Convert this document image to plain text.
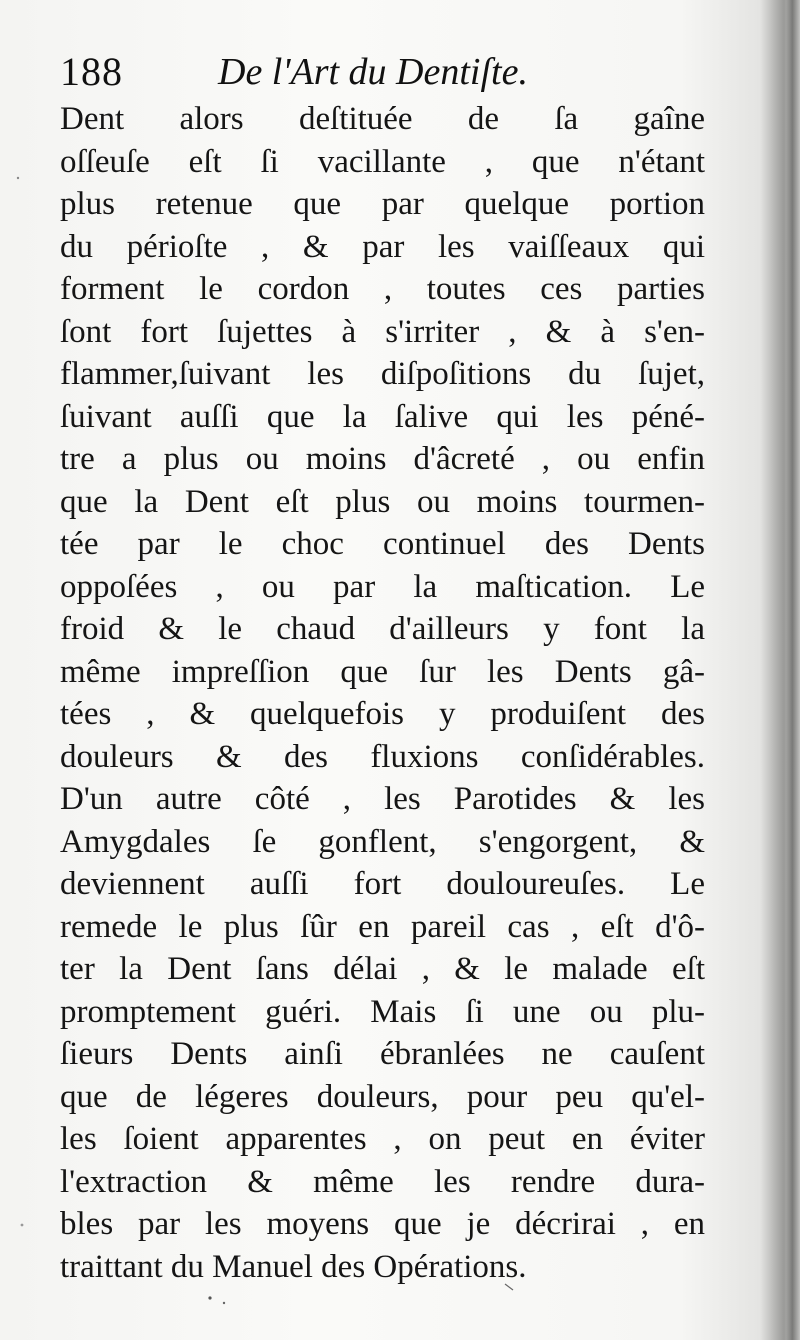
188	De l'Art du Dentiſte.
Dent alors deſtituée de ſa gaîne
oſſeuſe eſt ſi vacillante , que n'étant
plus retenue que par quelque portion
du périoſte , & par les vaiſſeaux qui
forment le cordon , toutes ces parties
ſont fort ſujettes à s'irriter , & à s'en-
flammer,ſuivant les diſpoſitions du ſujet,
ſuivant auſſi que la ſalive qui les péné-
tre a plus ou moins d'âcreté , ou enfin
que la Dent eſt plus ou moins tourmen-
tée par le choc continuel des Dents
oppoſées , ou par la maſtication. Le
froid & le chaud d'ailleurs y font la
même impreſſion que ſur les Dents gâ-
tées , & quelquefois y produiſent des
douleurs & des fluxions conſidérables.
D'un autre côté , les Parotides & les
Amygdales ſe gonflent, s'engorgent, &
deviennent auſſi fort douloureuſes. Le
remede le plus ſûr en pareil cas , eſt d'ô-
ter la Dent ſans délai , & le malade eſt
promptement guéri. Mais ſi une ou plu-
ſieurs Dents ainſi ébranlées ne cauſent
que de légeres douleurs, pour peu qu'el-
les ſoient apparentes , on peut en éviter
l'extraction & même les rendre dura-
bles par les moyens que je décrirai , en
traittant du Manuel des Opérations.
